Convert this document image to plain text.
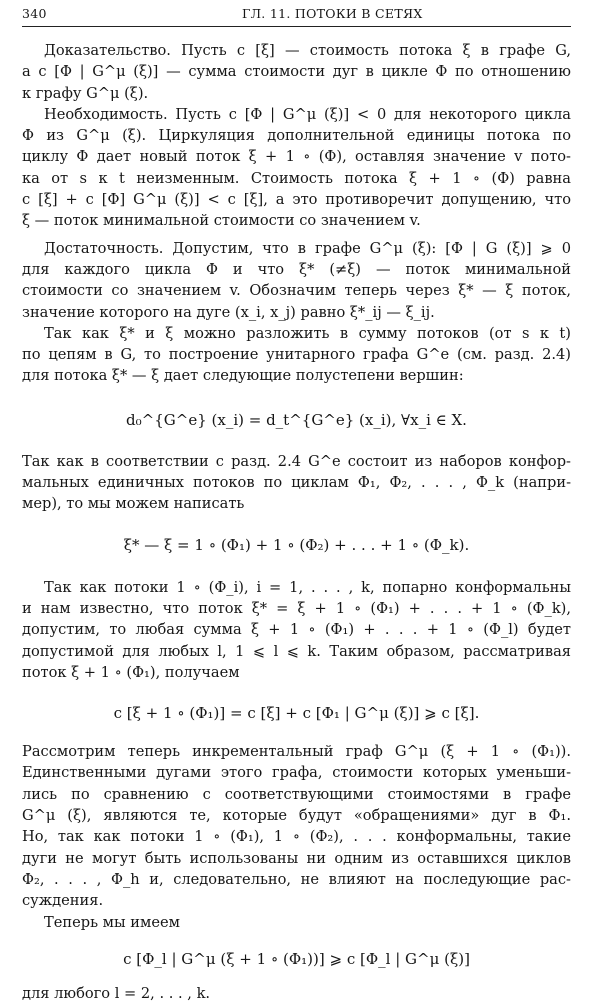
340	ГЛ. 11. ПОТОКИ В СЕТЯХ
Доказательство. Пусть c [ξ] — стоимость потока ξ в графе G,
а c [Φ | G^μ (ξ)] — сумма стоимости дуг в цикле Φ по отношению
к графу G^μ (ξ).
Необходимость. Пусть c [Φ | G^μ (ξ)] < 0 для некоторого цикла
Φ из G^μ (ξ). Циркуляция дополнительной единицы потока по
циклу Φ дает новый поток ξ + 1 ∘ (Φ), оставляя значение v пото-
ка от s к t неизменным. Стоимость потока ξ + 1 ∘ (Φ) равна
c [ξ] + c [Φ] G^μ (ξ)] < c [ξ], а это противоречит допущению, что
ξ — поток минимальной стоимости со значением v.
Достаточность. Допустим, что в графе G^μ (ξ): [Φ | G (ξ)] ⩾ 0
для каждого цикла Φ и что ξ* (≠ξ) — поток минимальной
стоимости со значением v. Обозначим теперь через ξ* — ξ поток,
значение которого на дуге (x_i, x_j) равно ξ*_ij — ξ_ij.
Так как ξ* и ξ можно разложить в сумму потоков (от s к t)
по цепям в G, то построение унитарного графа G^e (см. разд. 2.4)
для потока ξ* — ξ дает следующие полустепени вершин:
d₀^{G^e} (x_i) = d_t^{G^e} (x_i), ∀x_i ∈ X.
Так как в соответствии с разд. 2.4 G^e состоит из наборов конфор-
мальных единичных потоков по циклам Φ₁, Φ₂, . . . , Φ_k (напри-
мер), то мы можем написать
ξ* — ξ = 1 ∘ (Φ₁) + 1 ∘ (Φ₂) + . . . + 1 ∘ (Φ_k).
Так как потоки 1 ∘ (Φ_i), i = 1, . . . , k, попарно конформальны
и нам известно, что поток ξ* = ξ + 1 ∘ (Φ₁) + . . . + 1 ∘ (Φ_k),
допустим, то любая сумма ξ + 1 ∘ (Φ₁) + . . . + 1 ∘ (Φ_l) будет
допустимой для любых l, 1 ⩽ l ⩽ k. Таким образом, рассматривая
поток ξ + 1 ∘ (Φ₁), получаем
c [ξ + 1 ∘ (Φ₁)] = c [ξ] + c [Φ₁ | G^μ (ξ)] ⩾ c [ξ].
Рассмотрим теперь инкрементальный граф G^μ (ξ + 1 ∘ (Φ₁)).
Единственными дугами этого графа, стоимости которых уменьши-
лись по сравнению с соответствующими стоимостями в графе
G^μ (ξ), являются те, которые будут «обращениями» дуг в Φ₁.
Но, так как потоки 1 ∘ (Φ₁), 1 ∘ (Φ₂), . . . конформальны, такие
дуги не могут быть использованы ни одним из оставшихся циклов
Φ₂, . . . , Φ_h и, следовательно, не влияют на последующие рас-
суждения.
Теперь мы имеем
c [Φ_l | G^μ (ξ + 1 ∘ (Φ₁))] ⩾ c [Φ_l | G^μ (ξ)]
для любого l = 2, . . . , k.
